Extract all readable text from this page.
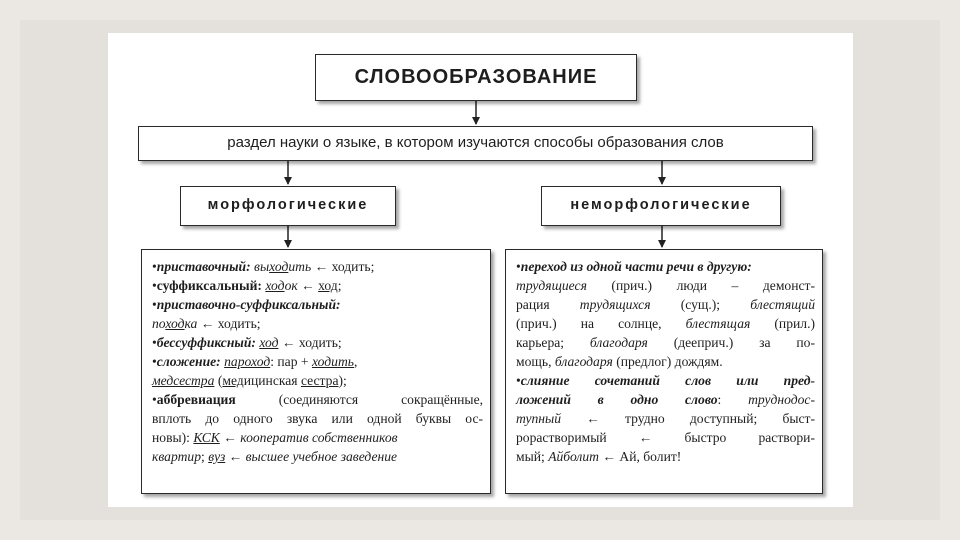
СЛОВООБРАЗОВАНИЕ
раздел науки о языке, в котором изучаются способы образования слов
морфологические	неморфологические

•приставочный: выходить ← ходить;

•суффиксальный: ходок ← ход;

•приставочно-суффиксальный:

походка ← ходить;

•бессуффиксный: ход ← ходить;

•сложение: пароход: пар + ходить,

медсестра (медицинская сестра);

•аббревиация	(соединяются сокращённые,

вплоть до одного звука или одной буквы ос-

новы): КСК ← кооператив собственников

квартир; вуз ← высшее учебное заведение

•переход из одной части речи в другую:

трудящиеся (прич.) люди – демонст-

рация трудящихся (сущ.); блестящий

(прич.) на солнце, блестящая (прил.)

карьера; благодаря (дееприч.) за по-

мощь, благодаря (предлог) дождям.

•слияние сочетаний слов или пред-

ложений в одно слово: труднодос-

тупный ← трудно доступный; быст-

рорастворимый ← быстро раствори-

мый; Айболит ← Ай, болит!
